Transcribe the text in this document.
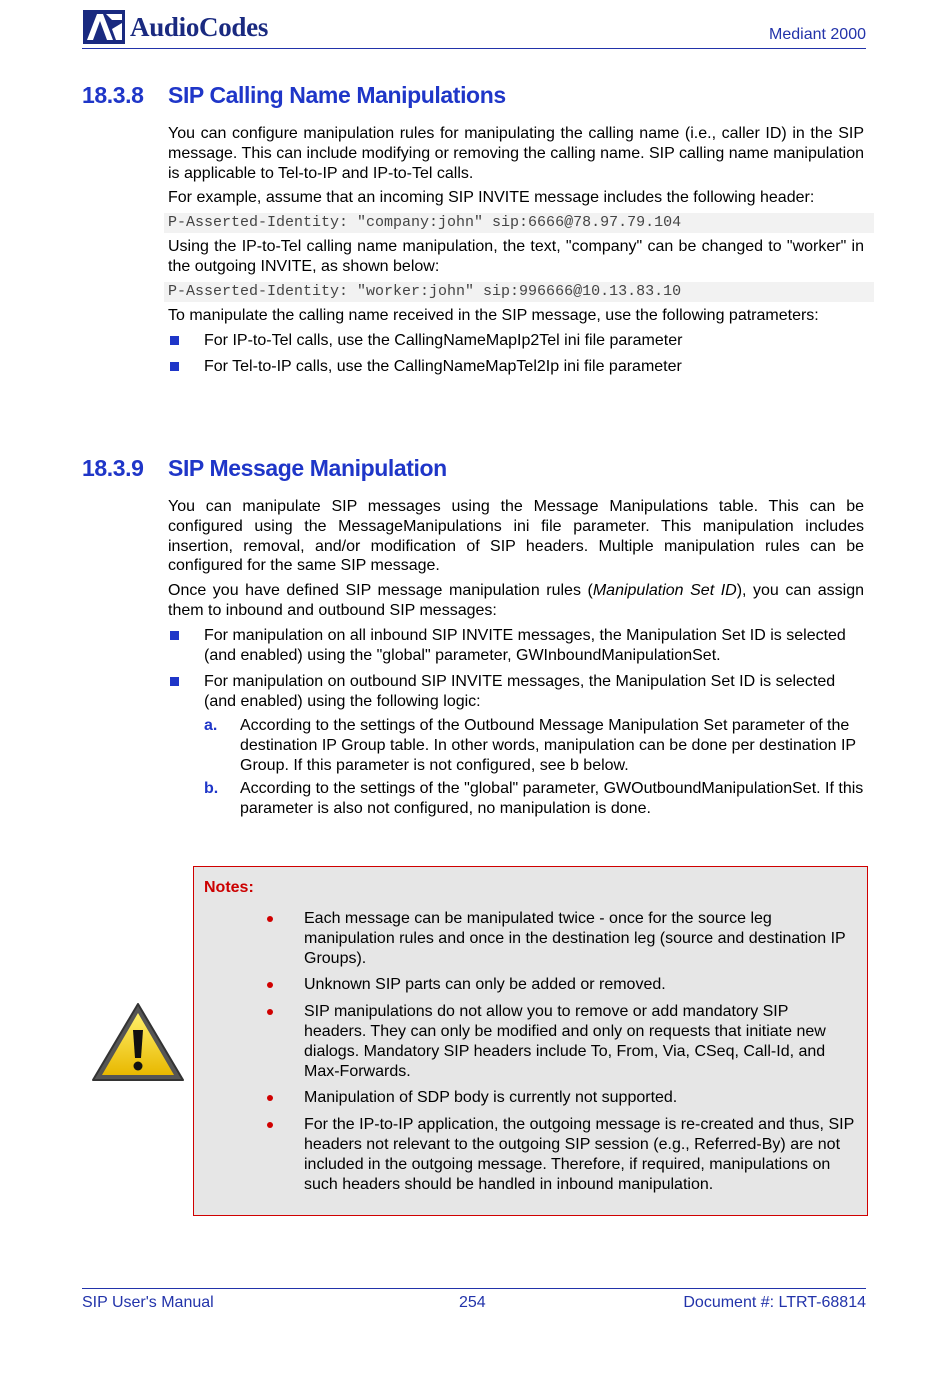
AudioCodes	Mediant 2000
18.3.8 SIP Calling Name Manipulations

You can configure manipulation rules for manipulating the calling name (i.e., caller ID) in the SIP message. This can include modifying or removing the calling name. SIP calling name manipulation is applicable to Tel-to-IP and IP-to-Tel calls.

For example, assume that an incoming SIP INVITE message includes the following header:

P-Asserted-Identity: "company:john" sip:6666@78.97.79.104

Using the IP-to-Tel calling name manipulation, the text, "company" can be changed to "worker" in the outgoing INVITE, as shown below:

P-Asserted-Identity: "worker:john" sip:996666@10.13.83.10

To manipulate the calling name received in the SIP message, use the following patrameters:

For IP-to-Tel calls, use the CallingNameMapIp2Tel ini file parameter
For Tel-to-IP calls, use the CallingNameMapTel2Ip ini file parameter
18.3.9 SIP Message Manipulation

You can manipulate SIP messages using the Message Manipulations table. This can be configured using the MessageManipulations ini file parameter. This manipulation includes insertion, removal, and/or modification of SIP headers. Multiple manipulation rules can be configured for the same SIP message.

Once you have defined SIP message manipulation rules (Manipulation Set ID), you can assign them to inbound and outbound SIP messages:

For manipulation on all inbound SIP INVITE messages, the Manipulation Set ID is selected (and enabled) using the "global" parameter, GWInboundManipulationSet.
For manipulation on outbound SIP INVITE messages, the Manipulation Set ID is selected (and enabled) using the following logic:
a. According to the settings of the Outbound Message Manipulation Set parameter of the destination IP Group table. In other words, manipulation can be done per destination IP Group. If this parameter is not configured, see b below.
b. According to the settings of the "global" parameter, GWOutboundManipulationSet. If this parameter is also not configured, no manipulation is done.
Notes:
Each message can be manipulated twice - once for the source leg manipulation rules and once in the destination leg (source and destination IP Groups).
Unknown SIP parts can only be added or removed.
SIP manipulations do not allow you to remove or add mandatory SIP headers. They can only be modified and only on requests that initiate new dialogs. Mandatory SIP headers include To, From, Via, CSeq, Call-Id, and Max-Forwards.
Manipulation of SDP body is currently not supported.
For the IP-to-IP application, the outgoing message is re-created and thus, SIP headers not relevant to the outgoing SIP session (e.g., Referred-By) are not included in the outgoing message. Therefore, if required, manipulations on such headers should be handled in inbound manipulation.
SIP User's Manual	254	Document #: LTRT-68814
